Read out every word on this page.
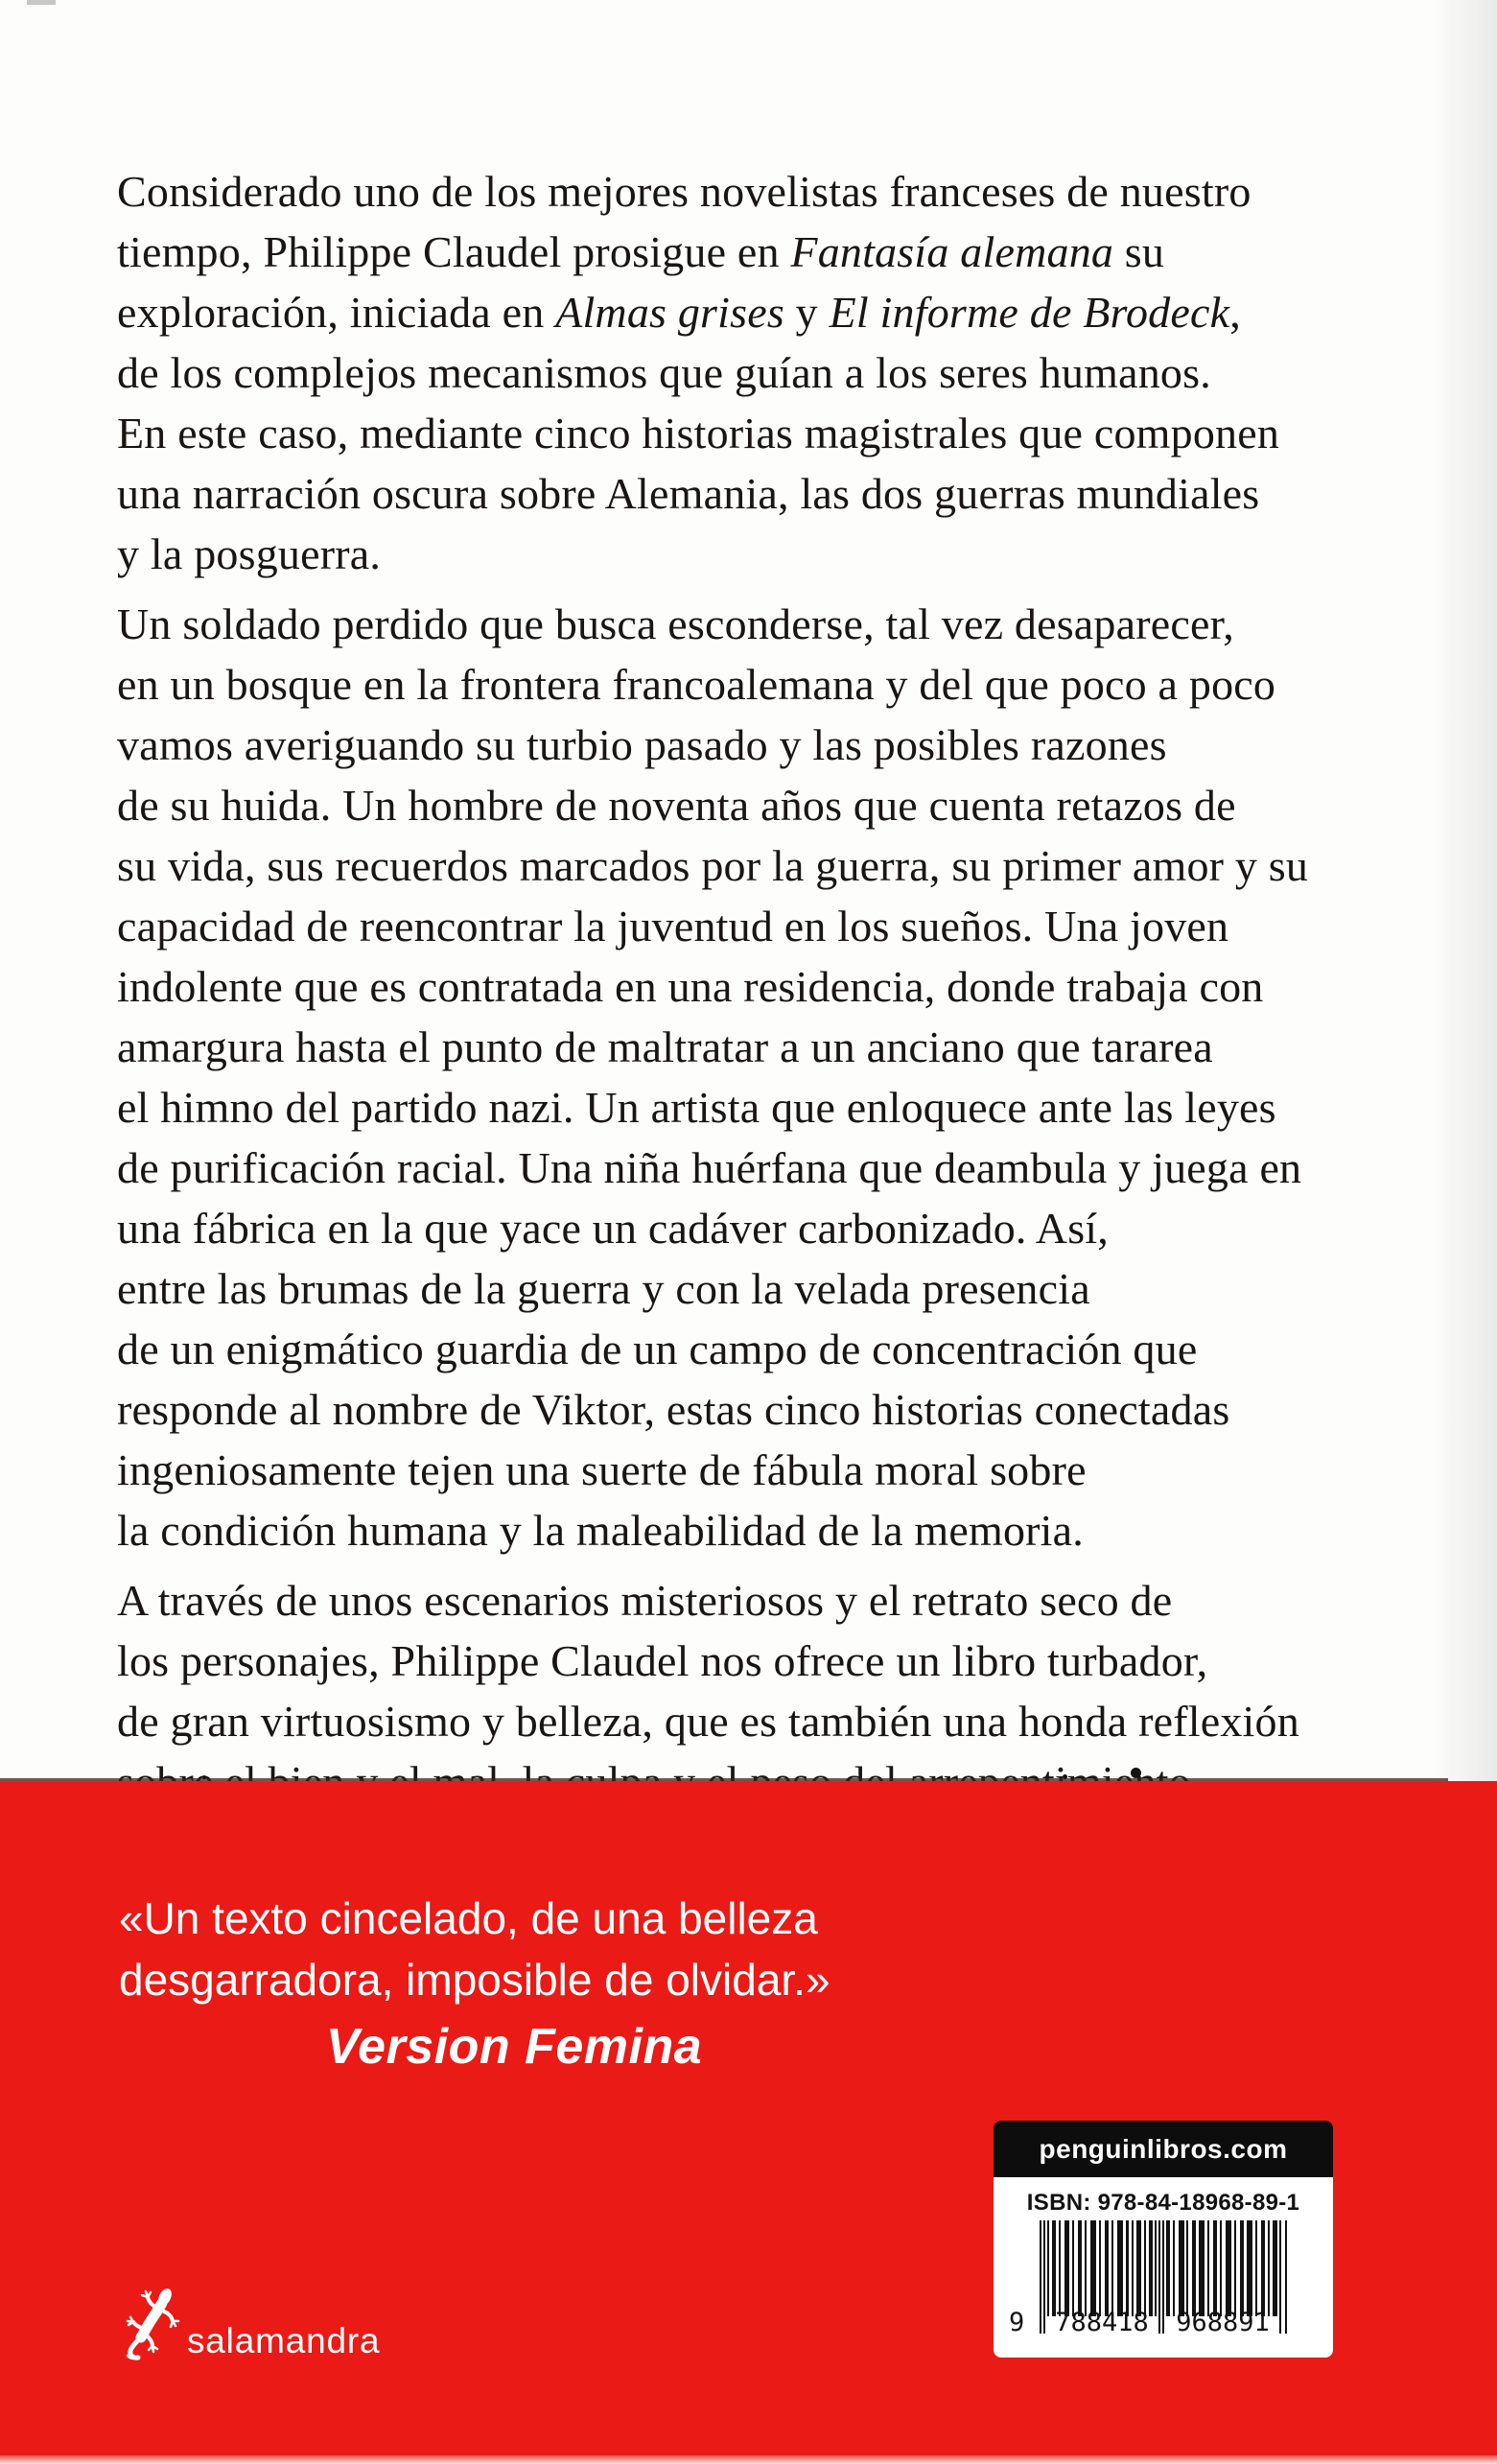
Considerado uno de los mejores novelistas franceses de nuestro
tiempo, Philippe Claudel prosigue en Fantasía alemana su
exploración, iniciada en Almas grises y El informe de Brodeck,
de los complejos mecanismos que guían a los seres humanos.
En este caso, mediante cinco historias magistrales que componen
una narración oscura sobre Alemania, las dos guerras mundiales
y la posguerra.
Un soldado perdido que busca esconderse, tal vez desaparecer,
en un bosque en la frontera francoalemana y del que poco a poco
vamos averiguando su turbio pasado y las posibles razones
de su huida. Un hombre de noventa años que cuenta retazos de
su vida, sus recuerdos marcados por la guerra, su primer amor y su
capacidad de reencontrar la juventud en los sueños. Una joven
indolente que es contratada en una residencia, donde trabaja con
amargura hasta el punto de maltratar a un anciano que tararea
el himno del partido nazi. Un artista que enloquece ante las leyes
de purificación racial. Una niña huérfana que deambula y juega en
una fábrica en la que yace un cadáver carbonizado. Así,
entre las brumas de la guerra y con la velada presencia
de un enigmático guardia de un campo de concentración que
responde al nombre de Viktor, estas cinco historias conectadas
ingeniosamente tejen una suerte de fábula moral sobre
la condición humana y la maleabilidad de la memoria.
A través de unos escenarios misteriosos y el retrato seco de
los personajes, Philippe Claudel nos ofrece un libro turbador,
de gran virtuosismo y belleza, que es también una honda reflexión
«Un texto cincelado, de una belleza
desgarradora, imposible de olvidar.»
Version Femina
penguinlibros.com
ISBN: 978-84-18968-89-1
9	788418	968891
salamandra
